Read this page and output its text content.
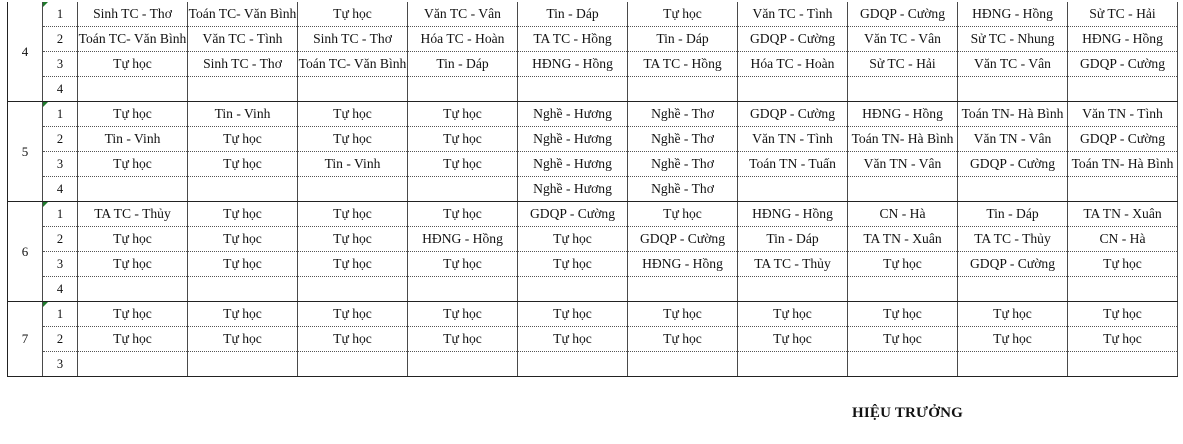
4	1	Sinh TC - Thơ	Toán TC- Văn Bình	Tự học	Văn TC - Vân	Tin - Dáp	Tự học	Văn TC - Tình	GDQP - Cường	HĐNG - Hồng	Sử TC - Hải
	2	Toán TC- Văn Bình	Văn TC - Tình	Sinh TC - Thơ	Hóa TC - Hoàn	TA TC - Hồng	Tin - Dáp	GDQP - Cường	Văn TC - Vân	Sử TC - Nhung	HĐNG - Hồng
	3	Tự học	Sinh TC - Thơ	Toán TC- Văn Bình	Tin - Dáp	HĐNG - Hồng	TA TC - Hồng	Hóa TC - Hoàn	Sử TC - Hải	Văn TC - Vân	GDQP - Cường
	4										
5	1	Tự học	Tin - Vinh	Tự học	Tự học	Nghề - Hương	Nghề - Thơ	GDQP - Cường	HĐNG - Hồng	Toán TN- Hà Bình	Văn TN - Tình
	2	Tin - Vinh	Tự học	Tự học	Tự học	Nghề - Hương	Nghề - Thơ	Văn TN - Tình	Toán TN- Hà Bình	Văn TN - Vân	GDQP - Cường
	3	Tự học	Tự học	Tin - Vinh	Tự học	Nghề - Hương	Nghề - Thơ	Toán TN - Tuấn	Văn TN - Vân	GDQP - Cường	Toán TN- Hà Bình
	4					Nghề - Hương	Nghề - Thơ				
6	1	TA TC - Thủy	Tự học	Tự học	Tự học	GDQP - Cường	Tự học	HĐNG - Hồng	CN - Hà	Tin - Dáp	TA TN - Xuân
	2	Tự học	Tự học	Tự học	HĐNG - Hồng	Tự học	GDQP - Cường	Tin - Dáp	TA TN - Xuân	TA TC - Thủy	CN - Hà
	3	Tự học	Tự học	Tự học	Tự học	Tự học	HĐNG - Hồng	TA TC - Thủy	Tự học	GDQP - Cường	Tự học
	4										
7	1	Tự học	Tự học	Tự học	Tự học	Tự học	Tự học	Tự học	Tự học	Tự học	Tự học
	2	Tự học	Tự học	Tự học	Tự học	Tự học	Tự học	Tự học	Tự học	Tự học	Tự học
	3										
HIỆU TRƯỞNG
